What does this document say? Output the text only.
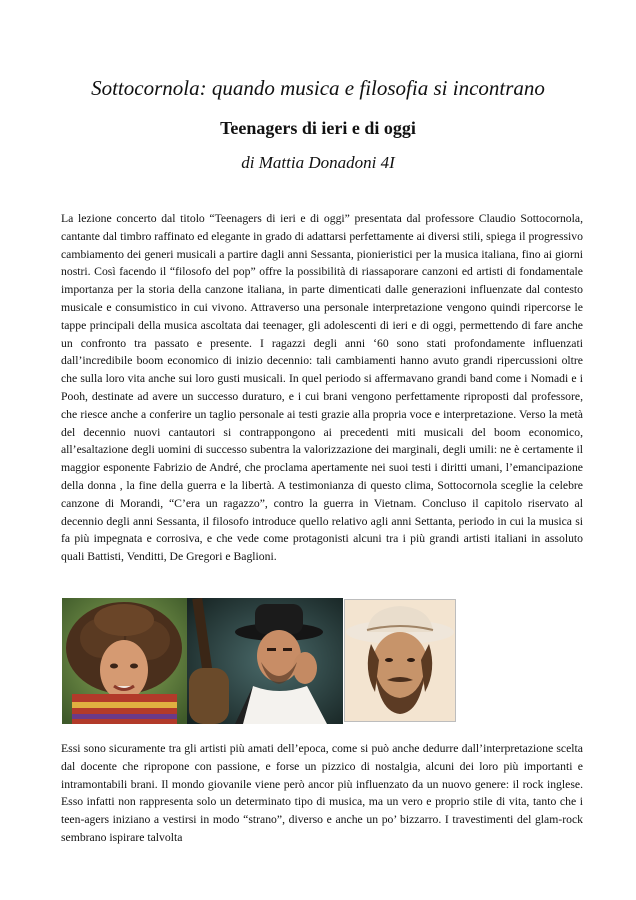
Sottocornola: quando musica e filosofia si incontrano
Teenagers di ieri e di oggi

di Mattia Donadoni 4I

La lezione concerto dal titolo “Teenagers di ieri e di oggi” presentata dal professore Claudio Sottocornola, cantante dal timbro raffinato ed elegante in grado di adattarsi perfettamente ai diversi stili, spiega il progressivo cambiamento dei generi musicali a partire dagli anni Sessanta, pionieristici per la musica italiana, fino ai giorni nostri. Così facendo il “filosofo del pop” offre la possibilità di riassaporare canzoni ed artisti di fondamentale importanza per la storia della canzone italiana, in parte dimenticati dalle generazioni influenzate dal contesto musicale e consumistico in cui vivono. Attraverso una personale interpretazione vengono quindi ripercorse le tappe principali della musica ascoltata dai teenager, gli adolescenti di ieri e di oggi, permettendo di fare anche un confronto tra passato e presente. I ragazzi degli anni ‘60 sono stati profondamente influenzati dall’incredibile boom economico di inizio decennio: tali cambiamenti hanno avuto grandi ripercussioni oltre che sulla loro vita anche sui loro gusti musicali. In quel periodo si affermavano grandi band come i Nomadi e i Pooh, destinate ad avere un successo duraturo, e i cui brani vengono perfettamente riproposti dal professore, che riesce anche a conferire un taglio personale ai testi grazie alla propria voce e interpretazione. Verso la metà del decennio nuovi cantautori si contrappongono ai precedenti miti musicali del boom economico, all’esaltazione degli uomini di successo subentra la valorizzazione dei marginali, degli umili: ne è certamente il maggior esponente Fabrizio de André, che proclama apertamente nei suoi testi i diritti umani, l’emancipazione della donna , la fine della guerra e la libertà. A testimonianza di questo clima, Sottocornola sceglie la celebre canzone di Morandi, “C’era un ragazzo”, contro la guerra in Vietnam. Concluso il capitolo riservato al decennio degli anni Sessanta, il filosofo introduce quello relativo agli anni Settanta, periodo in cui la musica si fa più impegnata e corrosiva, e che vede come protagonisti alcuni tra i più grandi artisti italiani in assoluto quali Battisti, Venditti, De Gregori e Baglioni.

Essi sono sicuramente tra gli artisti più amati dell’epoca, come si può anche dedurre dall’interpretazione scelta dal docente che ripropone con passione, e forse un pizzico di nostalgia, alcuni dei loro più importanti e intramontabili brani. Il mondo giovanile viene però ancor più influenzato da un nuovo genere: il rock inglese. Esso infatti non rappresenta solo un determinato tipo di musica, ma un vero e proprio stile di vita, tanto che i teen-agers iniziano a vestirsi in modo “strano”, diverso e anche un po’ bizzarro. I travestimenti del glam-rock sembrano ispirare talvolta
